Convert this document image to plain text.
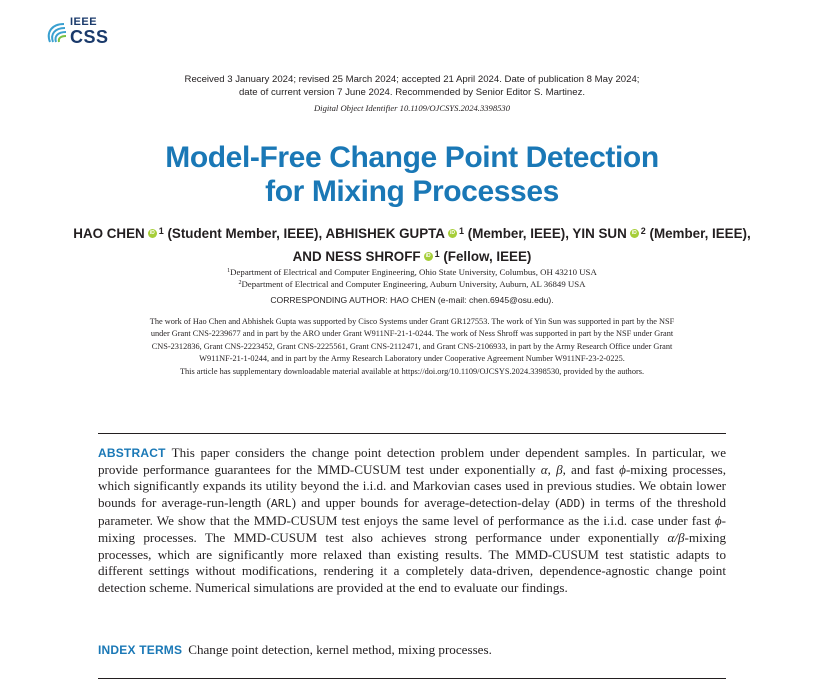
IEEE
CSS
Received 3 January 2024; revised 25 March 2024; accepted 21 April 2024. Date of publication 8 May 2024;
date of current version 7 June 2024. Recommended by Senior Editor S. Martinez.
Digital Object Identifier 10.1109/OJCSYS.2024.3398530
Model-Free Change Point Detection
for Mixing Processes
HAO CHEN iD $^1$ (Student Member, IEEE), ABHISHEK GUPTA iD $^1$ (Member, IEEE), YIN SUN iD $^2$ (Member, IEEE),
AND NESS SHROFF iD $^1$ (Fellow, IEEE)
$^1$Department of Electrical and Computer Engineering, Ohio State University, Columbus, OH 43210 USA
$^2$Department of Electrical and Computer Engineering, Auburn University, Auburn, AL 36849 USA
CORRESPONDING AUTHOR: HAO CHEN (e-mail: chen.6945@osu.edu).

The work of Hao Chen and Abhishek Gupta was supported by Cisco Systems under Grant GR127553. The work of Yin Sun was supported in part by the NSF

under Grant CNS-2239677 and in part by the ARO under Grant W911NF-21-1-0244. The work of Ness Shroff was supported in part by the NSF under Grant

CNS-2312836, Grant CNS-2223452, Grant CNS-2225561, Grant CNS-2112471, and Grant CNS-2106933, in part by the Army Research Office under Grant

W911NF-21-1-0244, and in part by the Army Research Laboratory under Cooperative Agreement Number W911NF-23-2-0225.

This article has supplementary downloadable material available at https://doi.org/10.1109/OJCSYS.2024.3398530, provided by the authors.

ABSTRACT This paper considers the change point detection problem under dependent samples. In particular, we provide performance guarantees for the MMD-CUSUM test under exponentially α, β, and fast ϕ-mixing processes, which significantly expands its utility beyond the i.i.d. and Markovian cases used in previous studies. We obtain lower bounds for average-run-length (ARL) and upper bounds for average-detection-delay (ADD) in terms of the threshold parameter. We show that the MMD-CUSUM test enjoys the same level of performance as the i.i.d. case under fast ϕ-mixing processes. The MMD-CUSUM test also achieves strong performance under exponentially α/β-mixing processes, which are significantly more relaxed than existing results. The MMD-CUSUM test statistic adapts to different settings without modifications, rendering it a completely data-driven, dependence-agnostic change point detection scheme. Numerical simulations are provided at the end to evaluate our findings.
INDEX TERMS Change point detection, kernel method, mixing processes.
